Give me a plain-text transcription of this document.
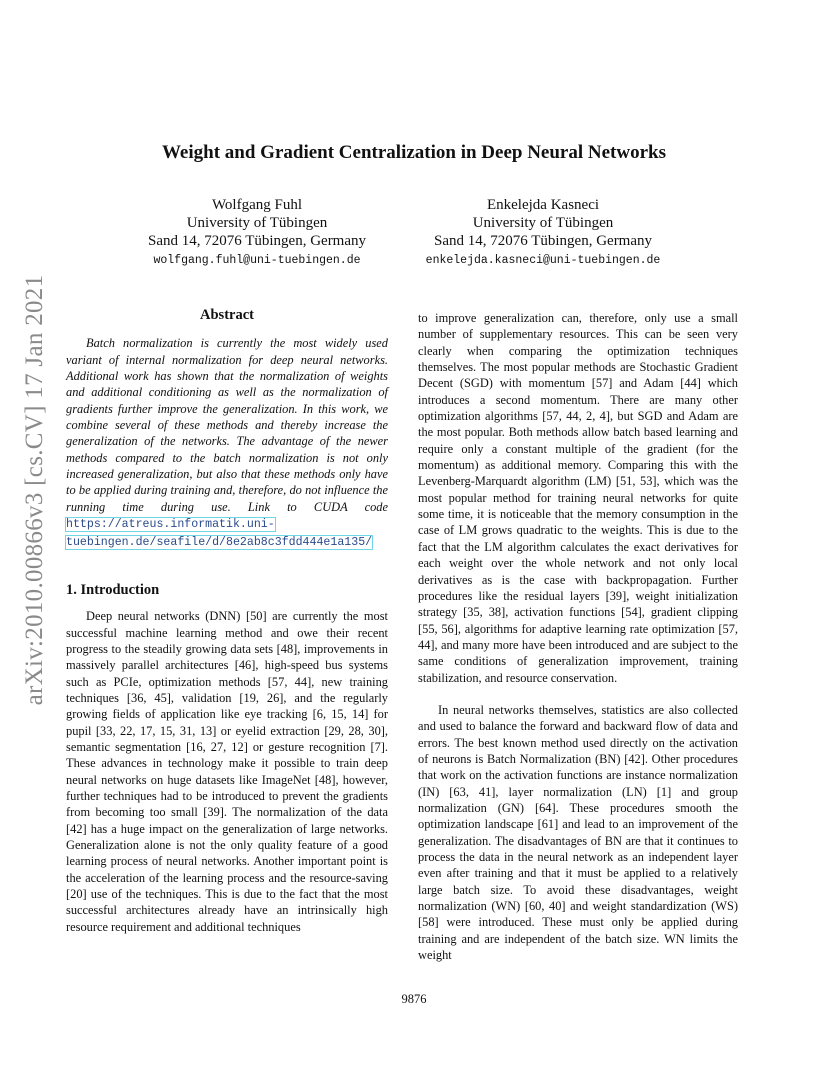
arXiv:2010.00866v3 [cs.CV] 17 Jan 2021
Weight and Gradient Centralization in Deep Neural Networks
Wolfgang Fuhl
University of Tübingen
Sand 14, 72076 Tübingen, Germany
wolfgang.fuhl@uni-tuebingen.de
Enkelejda Kasneci
University of Tübingen
Sand 14, 72076 Tübingen, Germany
enkelejda.kasneci@uni-tuebingen.de
Abstract

Batch normalization is currently the most widely used variant of internal normalization for deep neural networks. Additional work has shown that the normalization of weights and additional conditioning as well as the normalization of gradients further improve the generalization. In this work, we combine several of these methods and thereby increase the generalization of the networks. The advantage of the newer methods compared to the batch normalization is not only increased generalization, but also that these methods only have to be applied during training and, therefore, do not influence the running time during use. Link to CUDA code https://atreus.informatik.uni-tuebingen.de/seafile/d/8e2ab8c3fdd444e1a135/

1. Introduction

Deep neural networks (DNN) [50] are currently the most successful machine learning method and owe their recent progress to the steadily growing data sets [48], improvements in massively parallel architectures [46], high-speed bus systems such as PCIe, optimization methods [57, 44], new training techniques [36, 45], validation [19, 26], and the regularly growing fields of application like eye tracking [6, 15, 14] for pupil [33, 22, 17, 15, 31, 13] or eyelid extraction [29, 28, 30], semantic segmentation [16, 27, 12] or gesture recognition [7]. These advances in technology make it possible to train deep neural networks on huge datasets like ImageNet [48], however, further techniques had to be introduced to prevent the gradients from becoming too small [39]. The normalization of the data [42] has a huge impact on the generalization of large networks. Generalization alone is not the only quality feature of a good learning process of neural networks. Another important point is the acceleration of the learning process and the resource-saving [20] use of the techniques. This is due to the fact that the most successful architectures already have an intrinsically high resource requirement and additional techniques

to improve generalization can, therefore, only use a small number of supplementary resources. This can be seen very clearly when comparing the optimization techniques themselves. The most popular methods are Stochastic Gradient Decent (SGD) with momentum [57] and Adam [44] which introduces a second momentum. There are many other optimization algorithms [57, 44, 2, 4], but SGD and Adam are the most popular. Both methods allow batch based learning and require only a constant multiple of the gradient (for the momentum) as additional memory. Comparing this with the Levenberg-Marquardt algorithm (LM) [51, 53], which was the most popular method for training neural networks for quite some time, it is noticeable that the memory consumption in the case of LM grows quadratic to the weights. This is due to the fact that the LM algorithm calculates the exact derivatives for each weight over the whole network and not only local derivatives as is the case with backpropagation. Further procedures like the residual layers [39], weight initialization strategy [35, 38], activation functions [54], gradient clipping [55, 56], algorithms for adaptive learning rate optimization [57, 44], and many more have been introduced and are subject to the same conditions of generalization improvement, training stabilization, and resource conservation.

In neural networks themselves, statistics are also collected and used to balance the forward and backward flow of data and errors. The best known method used directly on the activation of neurons is Batch Normalization (BN) [42]. Other procedures that work on the activation functions are instance normalization (IN) [63, 41], layer normalization (LN) [1] and group normalization (GN) [64]. These procedures smooth the optimization landscape [61] and lead to an improvement of the generalization. The disadvantages of BN are that it continues to process the data in the neural network as an independent layer even after training and that it must be applied to a relatively large batch size. To avoid these disadvantages, weight normalization (WN) [60, 40] and weight standardization (WS) [58] were introduced. These must only be applied during training and are independent of the batch size. WN limits the weight

9876
